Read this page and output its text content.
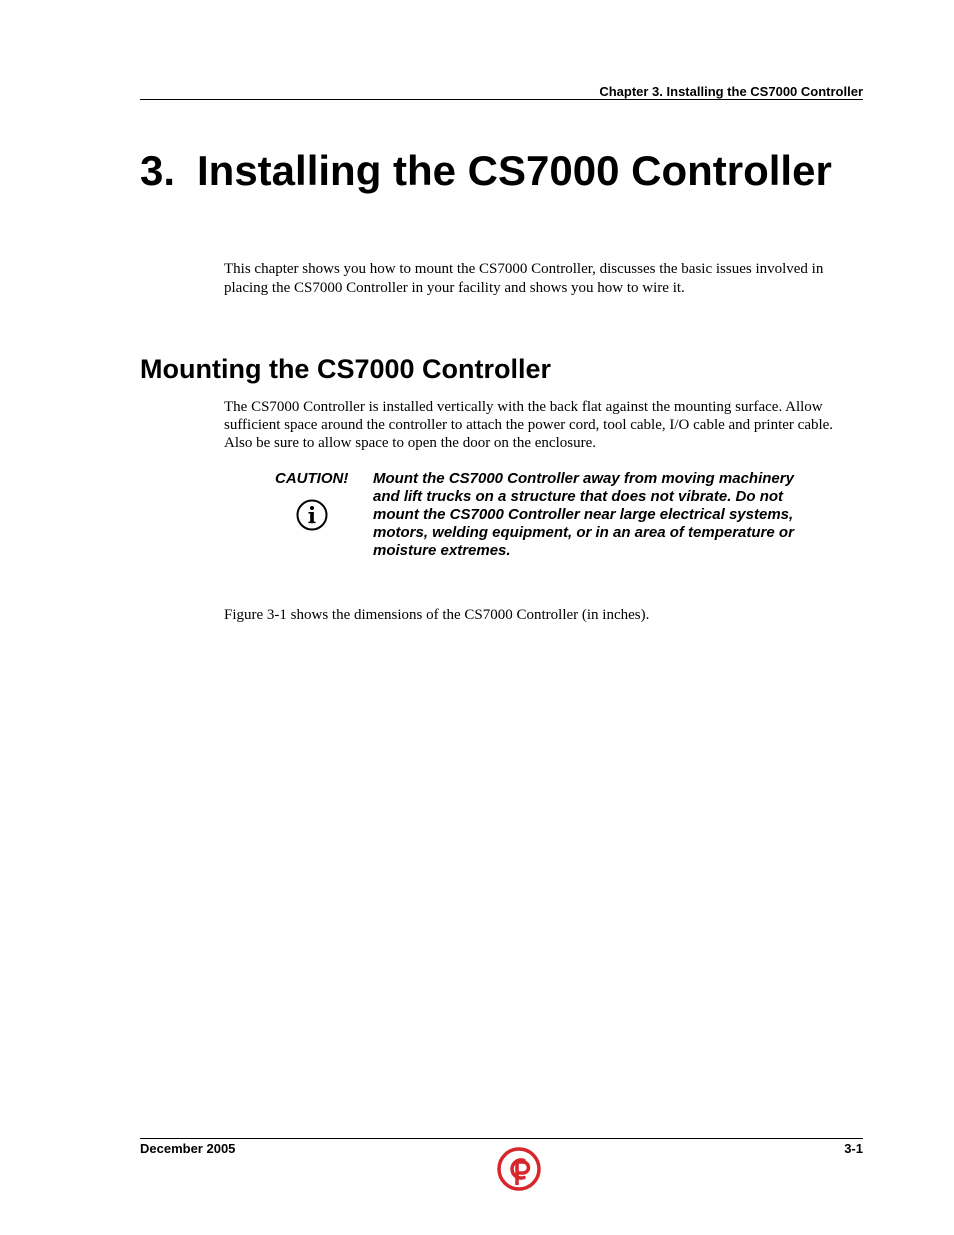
Chapter 3. Installing the CS7000 Controller
3. Installing the CS7000 Controller

This chapter shows you how to mount the CS7000 Controller, discusses the basic issues involved in placing the CS7000 Controller in your facility and shows you how to wire it.

Mounting the CS7000 Controller

The CS7000 Controller is installed vertically with the back flat against the mounting surface. Allow sufficient space around the controller to attach the power cord, tool cable, I/O cable and printer cable. Also be sure to allow space to open the door on the enclosure.

CAUTION! Mount the CS7000 Controller away from moving machinery and lift trucks on a structure that does not vibrate. Do not mount the CS7000 Controller near large electrical systems, motors, welding equipment, or in an area of temperature or moisture extremes.

Figure 3-1 shows the dimensions of the CS7000 Controller (in inches).

December 2005	3-1
